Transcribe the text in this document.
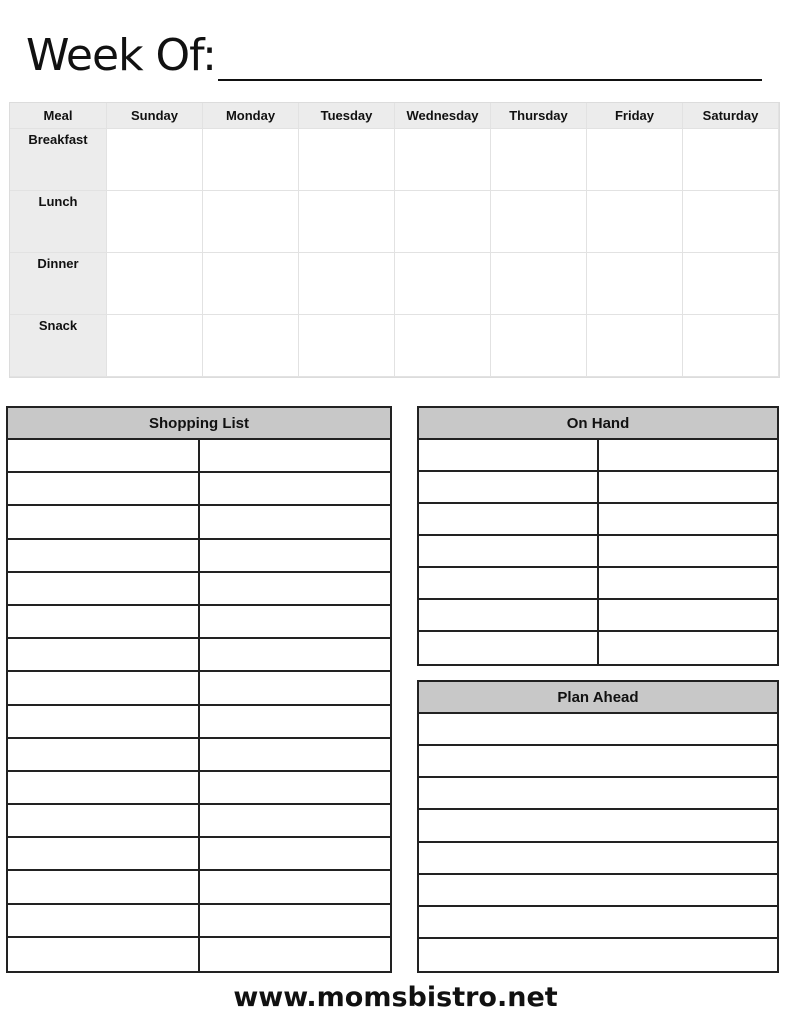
Week Of:
Meal	Sunday	Monday	Tuesday	Wednesday	Thursday	Friday	Saturday
Breakfast
Lunch
Dinner
Snack
Shopping List	On Hand
Plan Ahead
www.momsbistro.net
